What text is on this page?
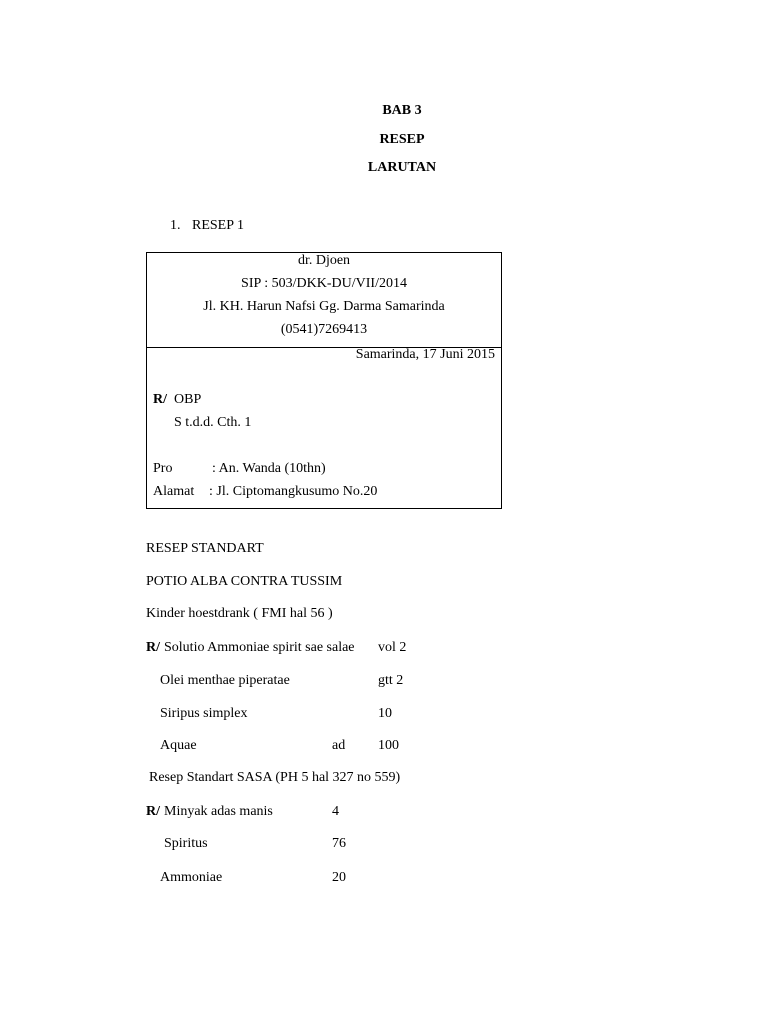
BAB 3
RESEP
LARUTAN
1. RESEP 1
dr. Djoen
SIP : 503/DKK-DU/VII/2014
Jl. KH. Harun Nafsi Gg. Darma Samarinda
(0541)7269413
Samarinda, 17 Juni 2015
R/ OBP
S t.d.d. Cth. 1
Pro	: An. Wanda (10thn)
Alamat : Jl. Ciptomangkusumo No.20
RESEP STANDART
POTIO ALBA CONTRA TUSSIM
Kinder hoestdrank ( FMI hal 56 )
R/ Solutio Ammoniae spirit sae salae vol 2
Olei menthae piperatae	gtt 2
Siripus simplex	10
Aquae	ad 100
Resep Standart SASA (PH 5 hal 327 no 559)
R/ Minyak adas manis	4
Spiritus	76
Ammoniae	20
